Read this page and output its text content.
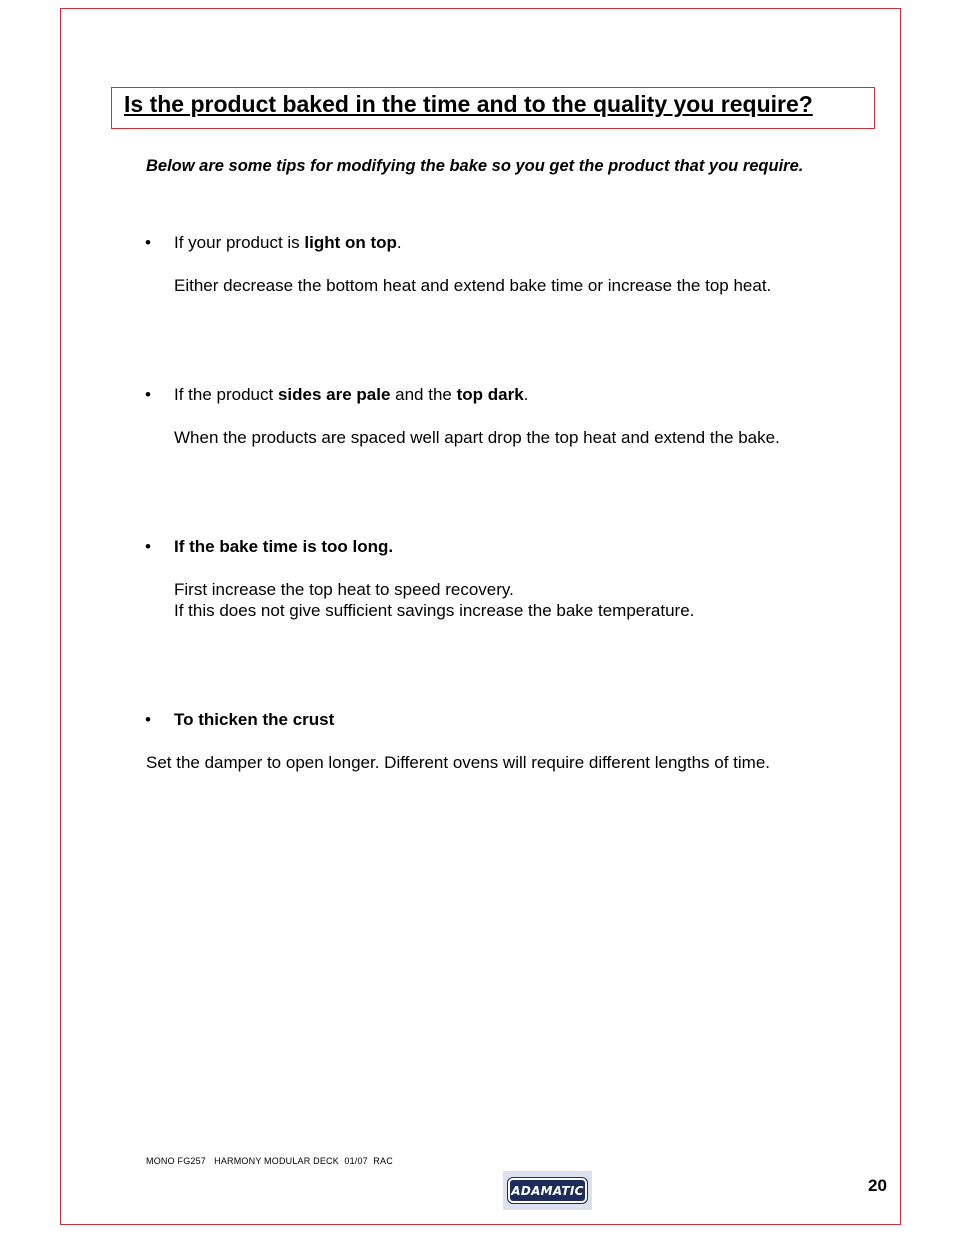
Is the product baked in the time and to the quality you require?
Below are some tips for modifying the bake so you get the product that you require.
• If your product is light on top.
Either decrease the bottom heat and extend bake time or increase the top heat.
• If the product sides are pale and the top dark.
When the products are spaced well apart drop the top heat and extend the bake.
• If the bake time is too long.
First increase the top heat to speed recovery.
If this does not give sufficient savings increase the bake temperature.
• To thicken the crust
Set the damper to open longer. Different ovens will require different lengths of time.
MONO FG257   HARMONY MODULAR DECK  01/07  RAC
ADAMATIC	20
